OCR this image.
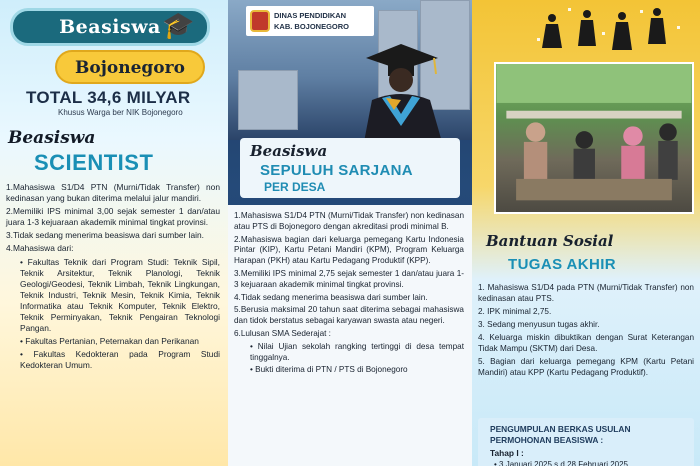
Beasiswa 🎓
Bojonegoro
TOTAL 34,6 MILYAR
Khusus Warga ber NIK Bojonegoro
Beasiswa
SCIENTIST
1.Mahasiswa S1/D4 PTN (Murni/Tidak Transfer) non kedinasan yang bukan diterima melalui jalur mandiri.
2.Memiliki IPS minimal 3,00 sejak semester 1 dan/atau juara 1-3 kejuaraan akademik minimal tingkat provinsi.
3.Tidak sedang menerima beasiswa dari sumber lain.
4.Mahasiswa dari:
• Fakultas Teknik dari Program Studi: Teknik Sipil, Teknik Arsitektur, Teknik Planologi, Teknik Geologi/Geodesi, Teknik Limbah, Teknik Lingkungan, Teknik Industri, Teknik Mesin, Teknik Kimia, Teknik Informatika atau Teknik Komputer, Teknik Elektro, Teknik Perminyakan, Teknik Pengairan Teknologi Pangan.
• Fakultas Pertanian, Peternakan dan Perikanan
• Fakultas Kedokteran pada Program Studi Kedokteran Umum.
DINAS PENDIDIKAN
KAB. BOJONEGORO
Beasiswa
SEPULUH SARJANA
PER DESA
1.Mahasiswa S1/D4 PTN (Murni/Tidak Transfer) non kedinasan atau PTS di Bojonegoro dengan akreditasi prodi minimal B.
2.Mahasiswa bagian dari keluarga pemegang Kartu Indonesia Pintar (KIP), Kartu Petani Mandiri (KPM), Program Keluarga Harapan (PKH) atau Kartu Pedagang Produktif (KPP).
3.Memiliki IPS minimal 2,75 sejak semester 1 dan/atau juara 1-3 kejuaraan akademik minimal tingkat provinsi.
4.Tidak sedang menerima beasiswa dari sumber lain.
5.Berusia maksimal 20 tahun saat diterima sebagai mahasiswa dan tidok berstatus sebagai karyawan swasta atau negeri.
6.Lulusan SMA Sederajat :
• Nilai Ujian sekolah rangking tertinggi di desa tempat tinggalnya.
• Bukti diterima di PTN / PTS di Bojonegoro
Bantuan Sosial
TUGAS AKHIR
1. Mahasiswa S1/D4 pada PTN (Murni/Tidak Transfer) non kedinasan atau PTS.
2. IPK minimal 2,75.
3. Sedang menyusun tugas akhir.
4. Keluarga miskin dibuktikan dengan Surat Keterangan Tidak Mampu (SKTM) dari Desa.
5. Bagian dari keluarga pemegang KPM (Kartu Petani Mandiri) atau KPP (Kartu Pedagang Produktif).
PENGUMPULAN BERKAS USULAN
PERMOHONAN BEASISWA :
Tahap I :
• 3 Januari 2025 s.d 28 Februari 2025
